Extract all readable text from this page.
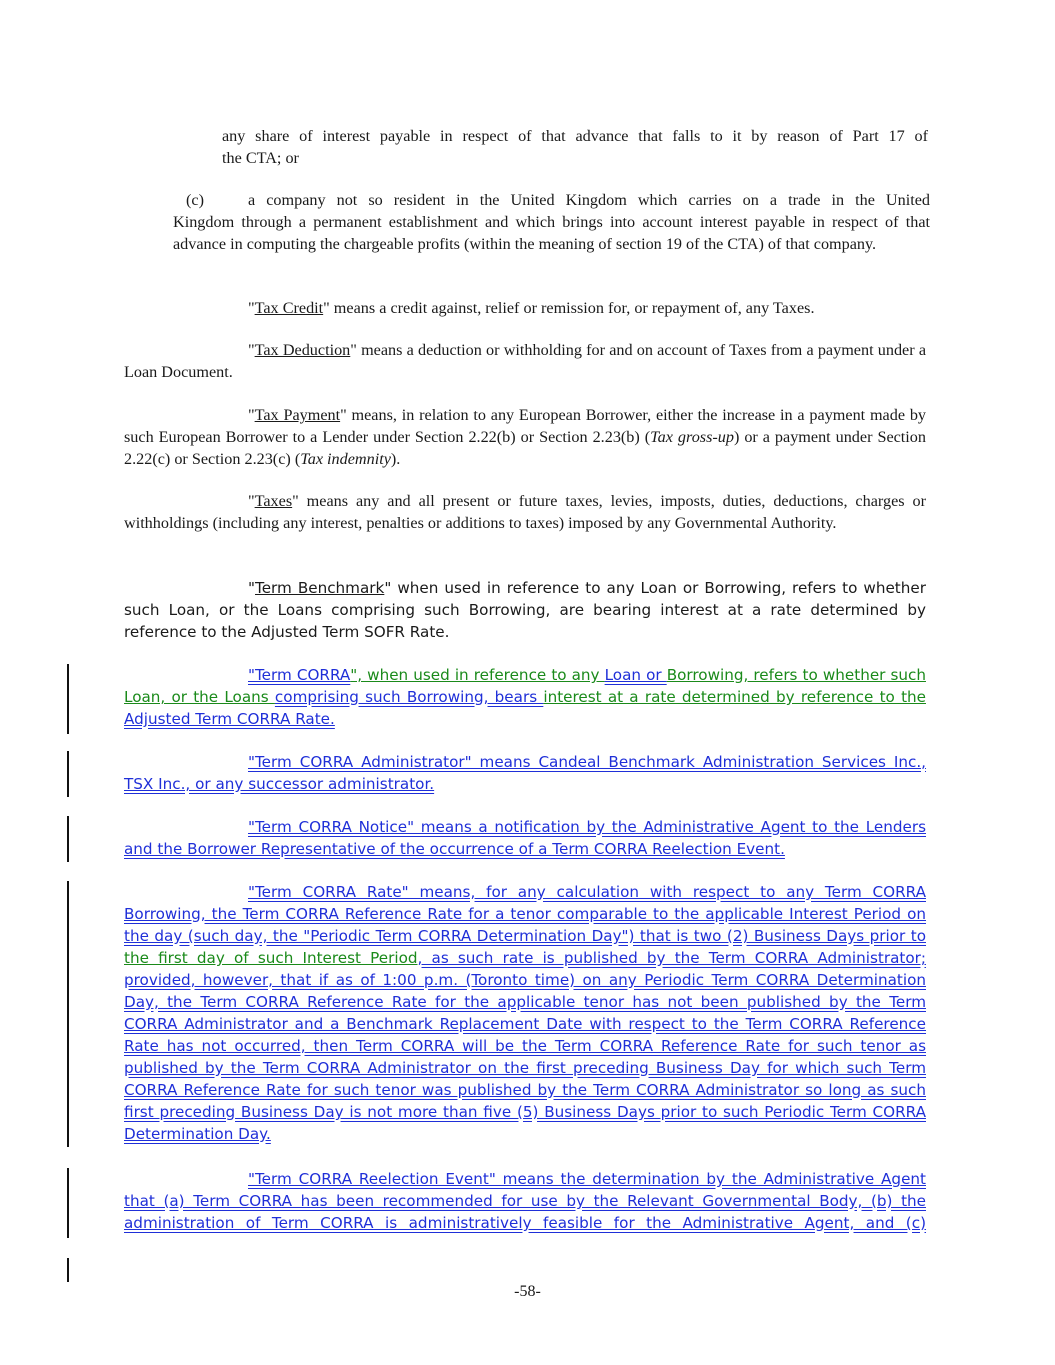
any share of interest payable in respect of that advance that falls to it by reason of Part 17 of
the CTA; or
(c)	a company not so resident in the United Kingdom which carries on a trade in the United
Kingdom through a permanent establishment and which brings into account interest payable in respect of that advance in computing the chargeable profits (within the meaning of section 19 of the CTA) of that company.
"Tax Credit" means a credit against, relief or remission for, or repayment of, any Taxes.
"Tax Deduction" means a deduction or withholding for and on account of Taxes from a payment under a Loan Document.
"Tax Payment" means, in relation to any European Borrower, either the increase in a payment made by such European Borrower to a Lender under Section 2.22(b) or Section 2.23(b) (Tax gross-up) or a payment under Section 2.22(c) or Section 2.23(c) (Tax indemnity).
"Taxes" means any and all present or future taxes, levies, imposts, duties, deductions, charges or withholdings (including any interest, penalties or additions to taxes) imposed by any Governmental Authority.
"Term Benchmark" when used in reference to any Loan or Borrowing, refers to whether such Loan, or the Loans comprising such Borrowing, are bearing interest at a rate determined by reference to the Adjusted Term SOFR Rate.
"Term CORRA", when used in reference to any Loan or Borrowing, refers to whether such Loan, or the Loans comprising such Borrowing, bears interest at a rate determined by reference to the Adjusted Term CORRA Rate.
"Term CORRA Administrator" means Candeal Benchmark Administration Services Inc., TSX Inc., or any successor administrator.
"Term CORRA Notice" means a notification by the Administrative Agent to the Lenders and the Borrower Representative of the occurrence of a Term CORRA Reelection Event.
"Term CORRA Rate" means, for any calculation with respect to any Term CORRA Borrowing, the Term CORRA Reference Rate for a tenor comparable to the applicable Interest Period on the day (such day, the "Periodic Term CORRA Determination Day") that is two (2) Business Days prior to the first day of such Interest Period, as such rate is published by the Term CORRA Administrator; provided, however, that if as of 1:00 p.m. (Toronto time) on any Periodic Term CORRA Determination Day, the Term CORRA Reference Rate for the applicable tenor has not been published by the Term CORRA Administrator and a Benchmark Replacement Date with respect to the Term CORRA Reference Rate has not occurred, then Term CORRA will be the Term CORRA Reference Rate for such tenor as published by the Term CORRA Administrator on the first preceding Business Day for which such Term CORRA Reference Rate for such tenor was published by the Term CORRA Administrator so long as such first preceding Business Day is not more than five (5) Business Days prior to such Periodic Term CORRA Determination Day.
"Term CORRA Reelection Event" means the determination by the Administrative Agent that (a) Term CORRA has been recommended for use by the Relevant Governmental Body, (b) the administration of Term CORRA is administratively feasible for the Administrative Agent, and (c)
-58-
